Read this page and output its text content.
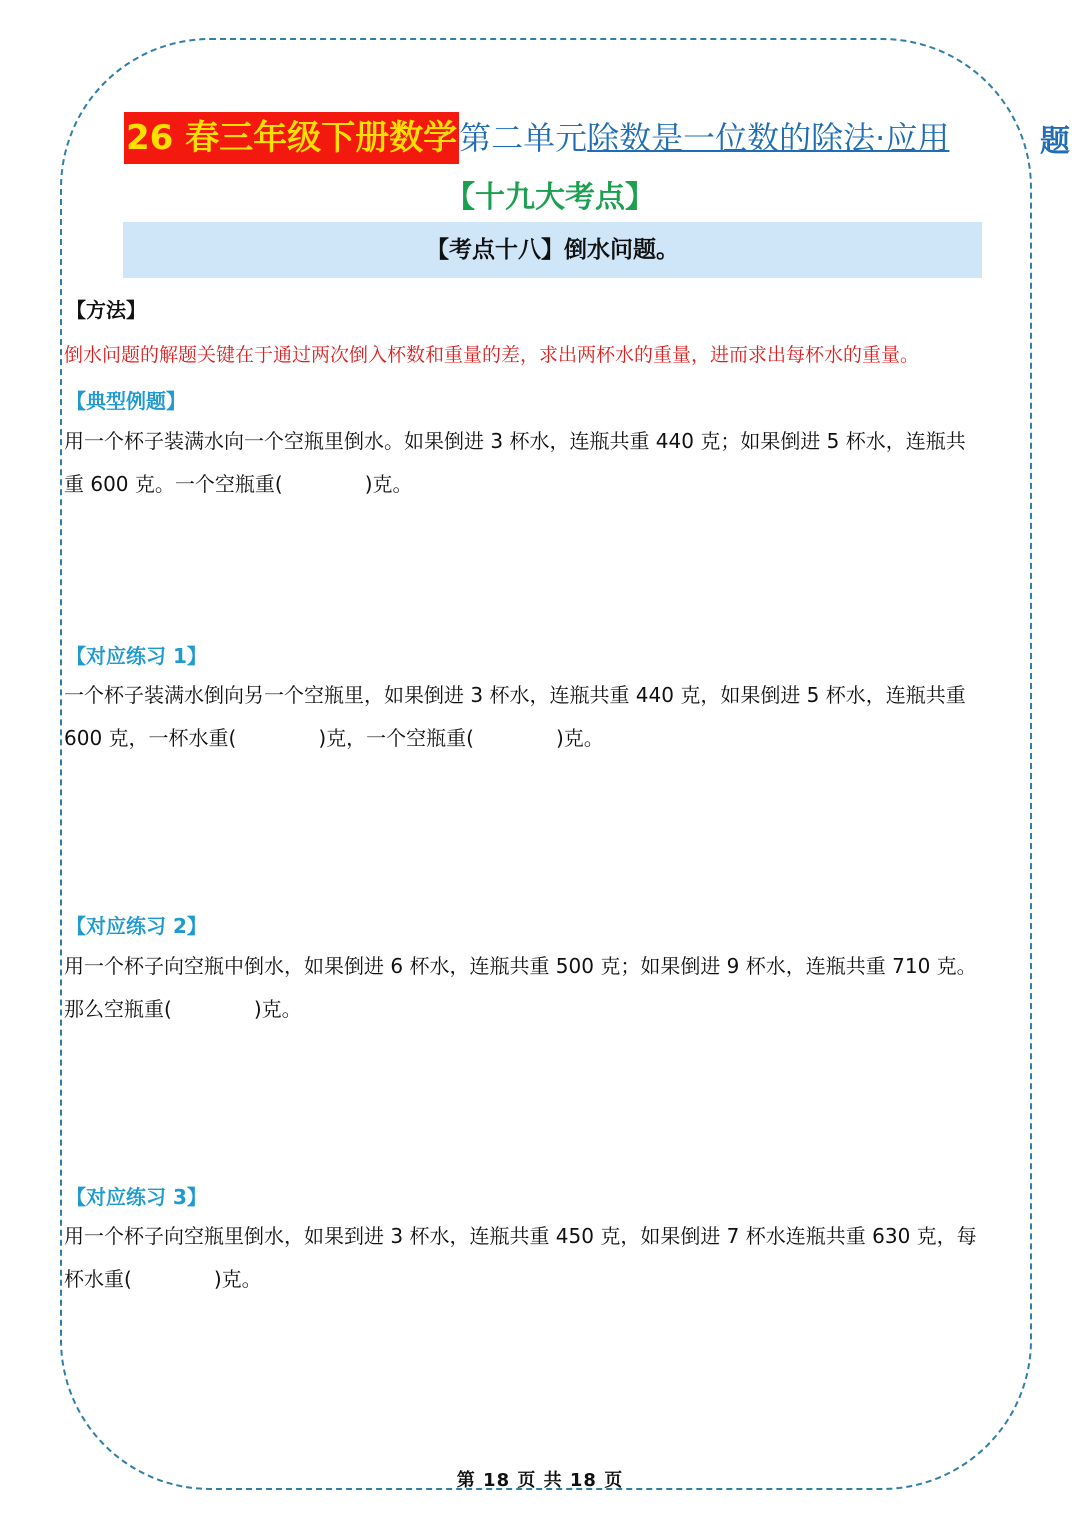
26 春三年级下册数学第二单元除数是一位数的除法·应用	题
【十九大考点】
【考点十八】倒水问题。
【方法】
倒水问题的解题关键在于通过两次倒入杯数和重量的差，求出两杯水的重量，进而求出每杯水的重量。
【典型例题】
用一个杯子装满水向一个空瓶里倒水。如果倒进 3 杯水，连瓶共重 440 克；如果倒进 5 杯水，连瓶共
重 600 克。一个空瓶重(	)克。
【对应练习 1】
一个杯子装满水倒向另一个空瓶里，如果倒进 3 杯水，连瓶共重 440 克，如果倒进 5 杯水，连瓶共重
600 克，一杯水重(	)克，一个空瓶重(	)克。
【对应练习 2】
用一个杯子向空瓶中倒水，如果倒进 6 杯水，连瓶共重 500 克；如果倒进 9 杯水，连瓶共重 710 克。
那么空瓶重(	)克。
【对应练习 3】
用一个杯子向空瓶里倒水，如果到进 3 杯水，连瓶共重 450 克，如果倒进 7 杯水连瓶共重 630 克，每
杯水重(	)克。
第 18 页 共 18 页
